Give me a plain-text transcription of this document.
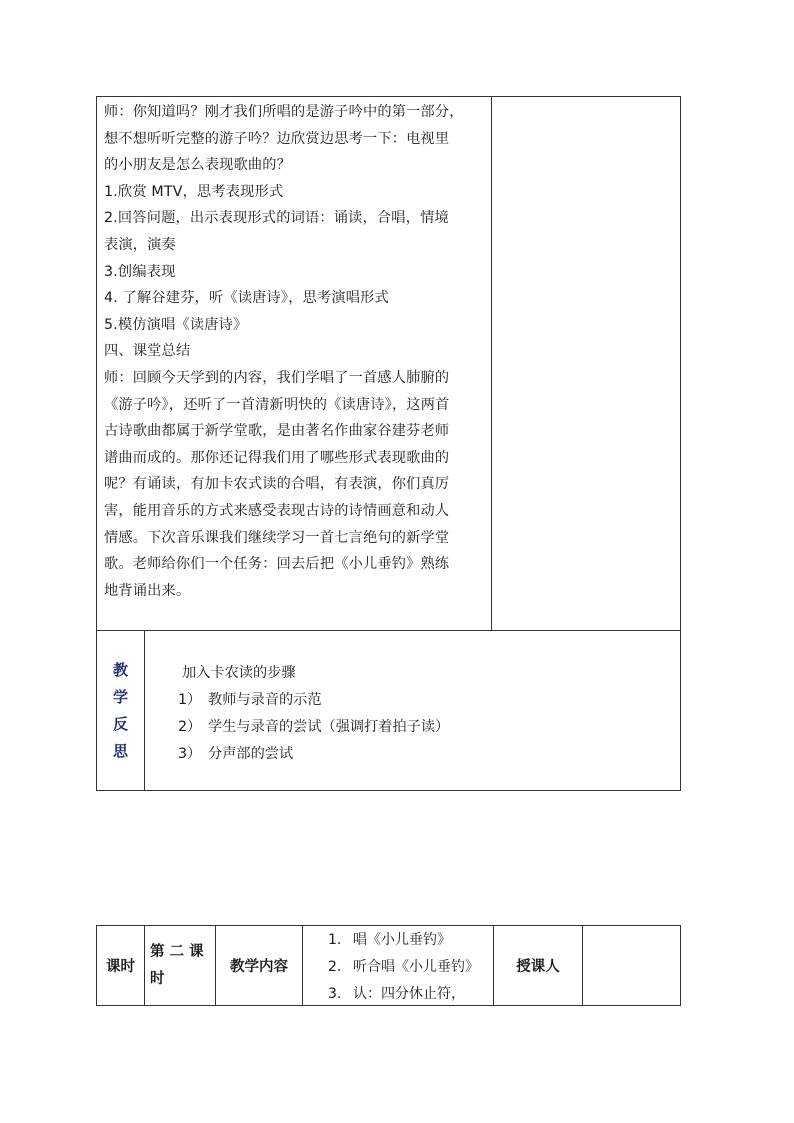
师：你知道吗？刚才我们所唱的是游子吟中的第一部分，

想不想听听完整的游子吟？边欣赏边思考一下：电视里

的小朋友是怎么表现歌曲的？

1.欣赏 MTV，思考表现形式

2.回答问题，出示表现形式的词语：诵读，合唱，情境

表演，演奏

3.创编表现

4. 了解谷建芬，听《读唐诗》，思考演唱形式

5.模仿演唱《读唐诗》

四、课堂总结

师：回顾今天学到的内容，我们学唱了一首感人肺腑的

《游子吟》，还听了一首清新明快的《读唐诗》，这两首

古诗歌曲都属于新学堂歌，是由著名作曲家谷建芬老师

谱曲而成的。那你还记得我们用了哪些形式表现歌曲的

呢？有诵读，有加卡农式读的合唱，有表演，你们真厉

害，能用音乐的方式来感受表现古诗的诗情画意和动人

情感。下次音乐课我们继续学习一首七言绝句的新学堂

歌。老师给你们一个任务：回去后把《小儿垂钓》熟练

地背诵出来。

教
学
反
思
加入卡农读的步骤
1） 教师与录音的示范
2） 学生与录音的尝试（强调打着拍子读）
3） 分声部的尝试
课时
第 二 课
时
教学内容
1. 唱《小儿垂钓》
2. 听合唱《小儿垂钓》
3. 认：四分休止符，
授课人
